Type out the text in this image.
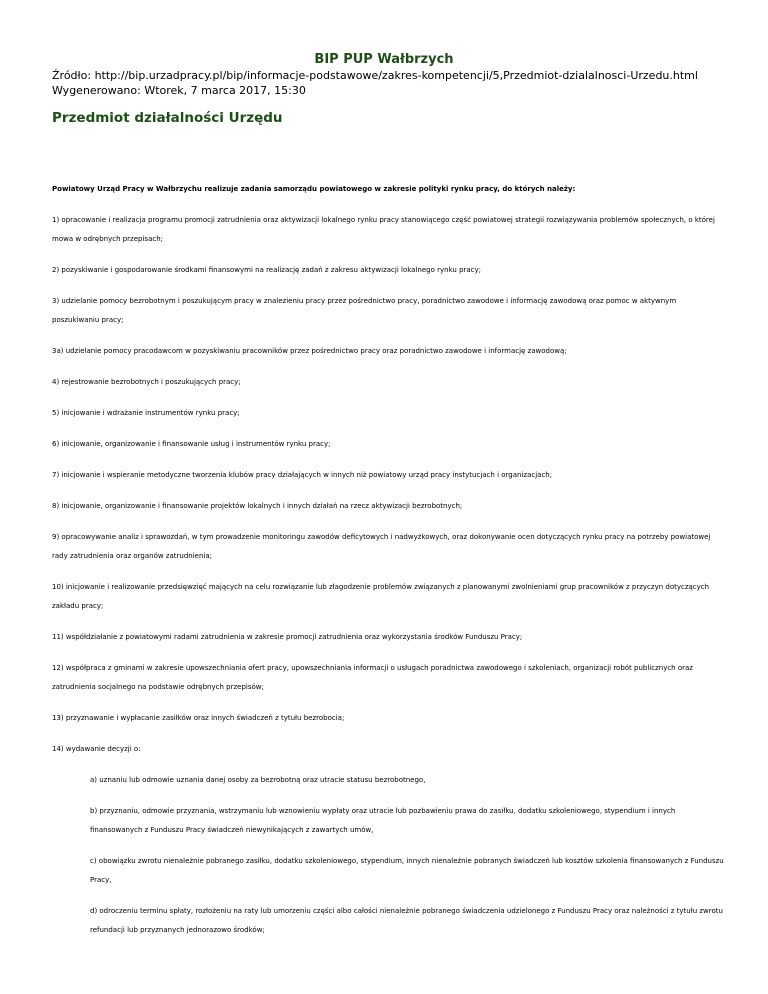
BIP PUP Wałbrzych
Źródło: http://bip.urzadpracy.pl/bip/informacje-podstawowe/zakres-kompetencji/5,Przedmiot-dzialalnosci-Urzedu.html
Wygenerowano: Wtorek, 7 marca 2017, 15:30
Przedmiot działalności Urzędu

Powiatowy Urząd Pracy w Wałbrzychu realizuje zadania samorządu powiatowego w zakresie polityki rynku pracy, do których należy:

1) opracowanie i realizacja programu promocji zatrudnienia oraz aktywizacji lokalnego rynku pracy stanowiącego część powiatowej strategii rozwiązywania problemów społecznych, o której mowa w odrębnych przepisach;

2) pozyskiwanie i gospodarowanie środkami finansowymi na realizację zadań z zakresu aktywizacji lokalnego rynku pracy;

3) udzielanie pomocy bezrobotnym i poszukującym pracy w znalezieniu pracy przez pośrednictwo pracy, poradnictwo zawodowe i informację zawodową oraz pomoc w aktywnym poszukiwaniu pracy;

3a) udzielanie pomocy pracodawcom w pozyskiwaniu pracowników przez pośrednictwo pracy oraz poradnictwo zawodowe i informację zawodową;

4) rejestrowanie bezrobotnych i poszukujących pracy;

5) inicjowanie i wdrażanie instrumentów rynku pracy;

6) inicjowanie, organizowanie i finansowanie usług i instrumentów rynku pracy;

7) inicjowanie i wspieranie metodyczne tworzenia klubów pracy działających w innych niż powiatowy urząd pracy instytucjach i organizacjach;

8) inicjowanie, organizowanie i finansowanie projektów lokalnych i innych działań na rzecz aktywizacji bezrobotnych;

9) opracowywanie analiz i sprawozdań, w tym prowadzenie monitoringu zawodów deficytowych i nadwyżkowych, oraz dokonywanie ocen dotyczących rynku pracy na potrzeby powiatowej rady zatrudnienia oraz organów zatrudnienia;

10) inicjowanie i realizowanie przedsięwzięć mających na celu rozwiązanie lub złagodzenie problemów związanych z planowanymi zwolnieniami grup pracowników z przyczyn dotyczących zakładu pracy;

11) współdziałanie z powiatowymi radami zatrudnienia w zakresie promocji zatrudnienia oraz wykorzystania środków Funduszu Pracy;

12) współpraca z gminami w zakresie upowszechniania ofert pracy, upowszechniania informacji o usługach poradnictwa zawodowego i szkoleniach, organizacji robót publicznych oraz zatrudnienia socjalnego na podstawie odrębnych przepisów;

13) przyznawanie i wypłacanie zasiłków oraz innych świadczeń z tytułu bezrobocia;

14) wydawanie decyzji o:

a) uznaniu lub odmowie uznania danej osoby za bezrobotną oraz utracie statusu bezrobotnego,

b) przyznaniu, odmowie przyznania, wstrzymaniu lub wznowieniu wypłaty oraz utracie lub pozbawieniu prawa do zasiłku, dodatku szkoleniowego, stypendium i innych finansowanych z Funduszu Pracy świadczeń niewynikających z zawartych umów,

c) obowiązku zwrotu nienależnie pobranego zasiłku, dodatku szkoleniowego, stypendium, innych nienależnie pobranych świadczeń lub kosztów szkolenia finansowanych z Funduszu Pracy,

d) odroczeniu terminu spłaty, rozłożeniu na raty lub umorzeniu części albo całości nienależnie pobranego świadczenia udzielonego z Funduszu Pracy oraz należności z tytułu zwrotu refundacji lub przyznanych jednorazowo środków;
